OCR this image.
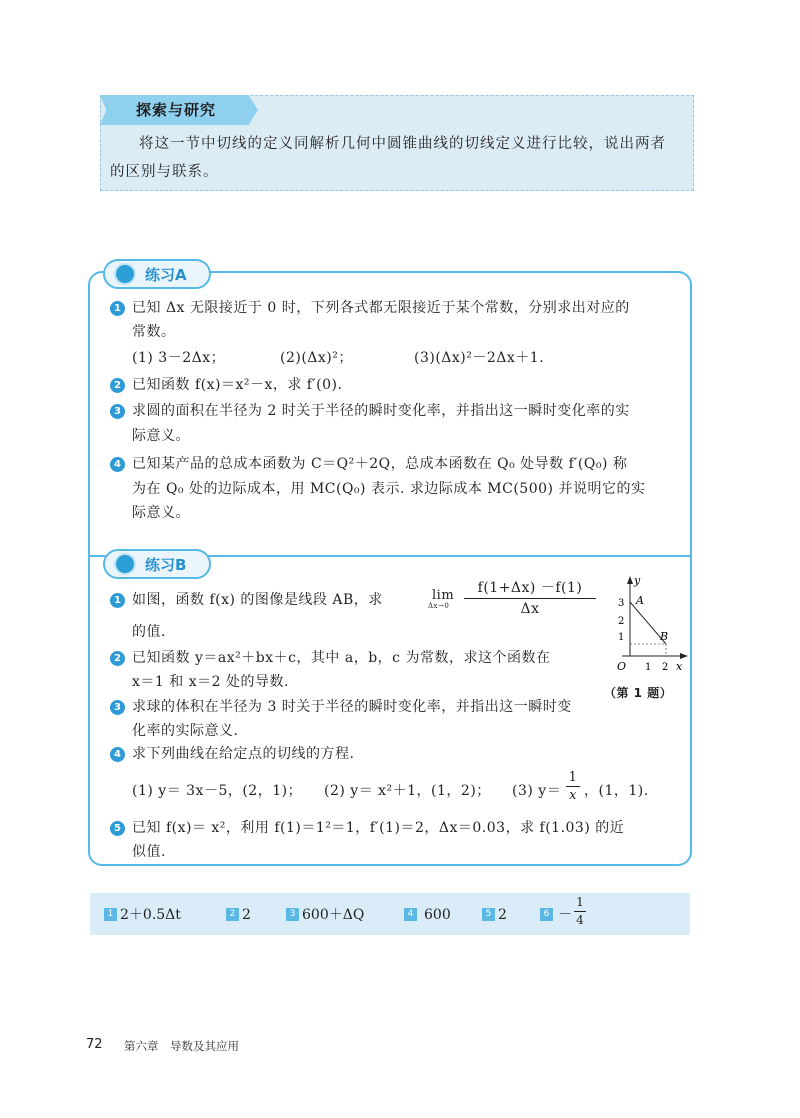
探索与研究
将这一节中切线的定义同解析几何中圆锥曲线的切线定义进行比较，说出两者的区别与联系。
练习A
1 已知 Δx 无限接近于 0 时，下列各式都无限接近于某个常数，分别求出对应的
常数。
(1) 3－2Δx；	(2)(Δx)²；	(3)(Δx)²－2Δx＋1.
2 已知函数 f(x)＝x²－x，求 f′(0).
3 求圆的面积在半径为 2 时关于半径的瞬时变化率，并指出这一瞬时变化率的实
际意义。
4 已知某产品的总成本函数为 C＝Q²＋2Q，总成本函数在 Q₀ 处导数 f′(Q₀) 称
为在 Q₀ 处的边际成本，用 MC(Q₀) 表示. 求边际成本 MC(500) 并说明它的实
际意义。
练习B
1 如图，函数 f(x) 的图像是线段 AB，求	lim
Δx→0
f(1+Δx) －f(1)
Δx
的值.
2 已知函数 y＝ax²＋bx＋c，其中 a，b，c 为常数，求这个函数在
x＝1 和 x＝2 处的导数.
3 求球的体积在半径为 3 时关于半径的瞬时变化率，并指出这一瞬时变
化率的实际意义.
y
3
2
1
A
B
O 1 2 x
（第 1 题）
4 求下列曲线在给定点的切线的方程.
(1) y＝ 3x－5，(2，1)； (2) y＝ x²＋1，(1，2)； (3) y＝
1
x ，(1，1).
5 已知 f(x)＝ x²，利用 f(1)＝1²＝1，f′(1)＝2，Δx＝0.03，求 f(1.03) 的近
似值.
1 2＋0.5Δt	2 2	3 600＋ΔQ	4 600	5 2	6 －
1
4
72 第六章　导数及其应用
